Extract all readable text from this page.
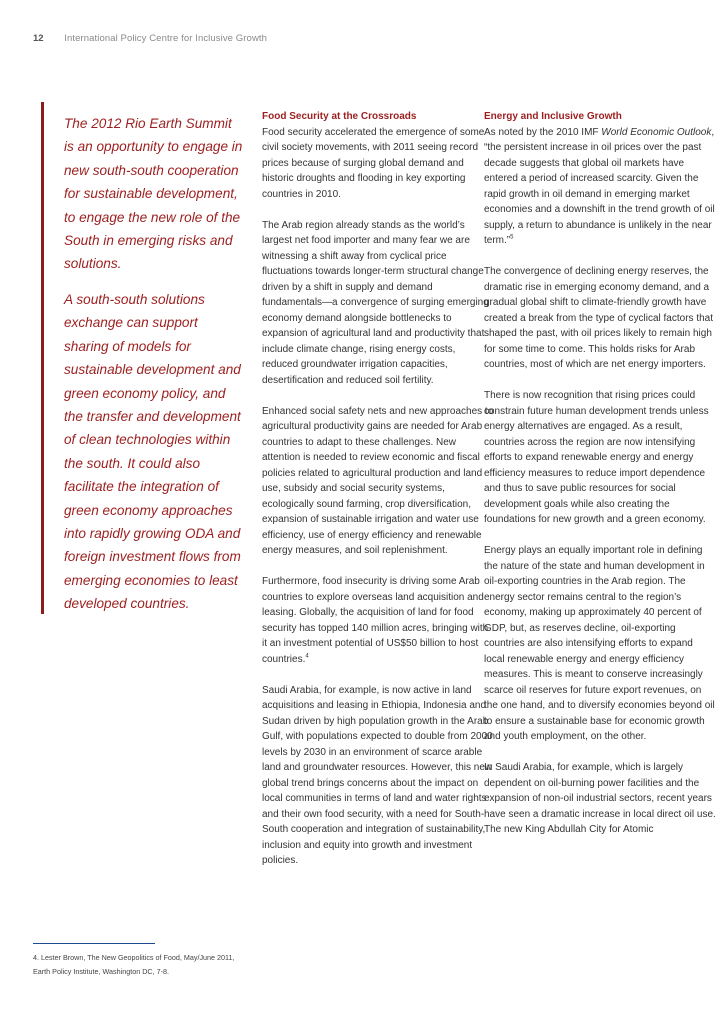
12 International Policy Centre for Inclusive Growth

The 2012 Rio Earth Summit is an opportunity to engage in new south-south cooperation for sustainable development, to engage the new role of the South in emerging risks and solutions.

A south-south solutions exchange can support sharing of models for sustainable development and green economy policy, and the transfer and development of clean technologies within the south. It could also facilitate the integration of green economy approaches into rapidly growing ODA and foreign investment flows from emerging economies to least developed countries.

4. Lester Brown, The New Geopolitics of Food, May/June 2011, Earth Policy Institute, Washington DC, 7-8.

Food Security at the Crossroads

Food security accelerated the emergence of some civil society movements, with 2011 seeing record prices because of surging global demand and historic droughts and flooding in key exporting countries in 2010.

The Arab region already stands as the world’s largest net food importer and many fear we are witnessing a shift away from cyclical price fluctuations towards longer-term structural change driven by a shift in supply and demand fundamentals—a convergence of surging emerging economy demand alongside bottlenecks to expansion of agricultural land and productivity that include climate change, rising energy costs, reduced groundwater irrigation capacities, desertification and reduced soil fertility.

Enhanced social safety nets and new approaches to agricultural productivity gains are needed for Arab countries to adapt to these challenges. New attention is needed to review economic and fiscal policies related to agricultural production and land use, subsidy and social security systems, ecologically sound farming, crop diversification, expansion of sustainable irrigation and water use efficiency, use of energy efficiency and renewable energy measures, and soil replenishment.

Furthermore, food insecurity is driving some Arab countries to explore overseas land acquisition and leasing. Globally, the acquisition of land for food security has topped 140 million acres, bringing with it an investment potential of US$50 billion to host countries.$^4$

Saudi Arabia, for example, is now active in land acquisitions and leasing in Ethiopia, Indonesia and Sudan driven by high population growth in the Arab Gulf, with populations expected to double from 2000 levels by 2030 in an environment of scarce arable land and groundwater resources. However, this new global trend brings concerns about the impact on local communities in terms of land and water rights and their own food security, with a need for South-South cooperation and integration of sustainability, inclusion and equity into growth and investment policies.

Energy and Inclusive Growth

As noted by the 2010 IMF World Economic Outlook, “the persistent increase in oil prices over the past decade suggests that global oil markets have entered a period of increased scarcity. Given the rapid growth in oil demand in emerging market economies and a downshift in the trend growth of oil supply, a return to abundance is unlikely in the near term.”$^5$

The convergence of declining energy reserves, the dramatic rise in emerging economy demand, and a gradual global shift to climate-friendly growth have created a break from the type of cyclical factors that shaped the past, with oil prices likely to remain high for some time to come. This holds risks for Arab countries, most of which are net energy importers.

There is now recognition that rising prices could constrain future human development trends unless energy alternatives are engaged. As a result, countries across the region are now intensifying efforts to expand renewable energy and energy efficiency measures to reduce import dependence and thus to save public resources for social development goals while also creating the foundations for new growth and a green economy.

Energy plays an equally important role in defining the nature of the state and human development in oil-exporting countries in the Arab region. The energy sector remains central to the region’s economy, making up approximately 40 percent of GDP, but, as reserves decline, oil-exporting countries are also intensifying efforts to expand local renewable energy and energy efficiency measures. This is meant to conserve increasingly scarce oil reserves for future export revenues, on the one hand, and to diversify economies beyond oil to ensure a sustainable base for economic growth and youth employment, on the other.

In Saudi Arabia, for example, which is largely dependent on oil-burning power facilities and the expansion of non-oil industrial sectors, recent years have seen a dramatic increase in local direct oil use. The new King Abdullah City for Atomic
